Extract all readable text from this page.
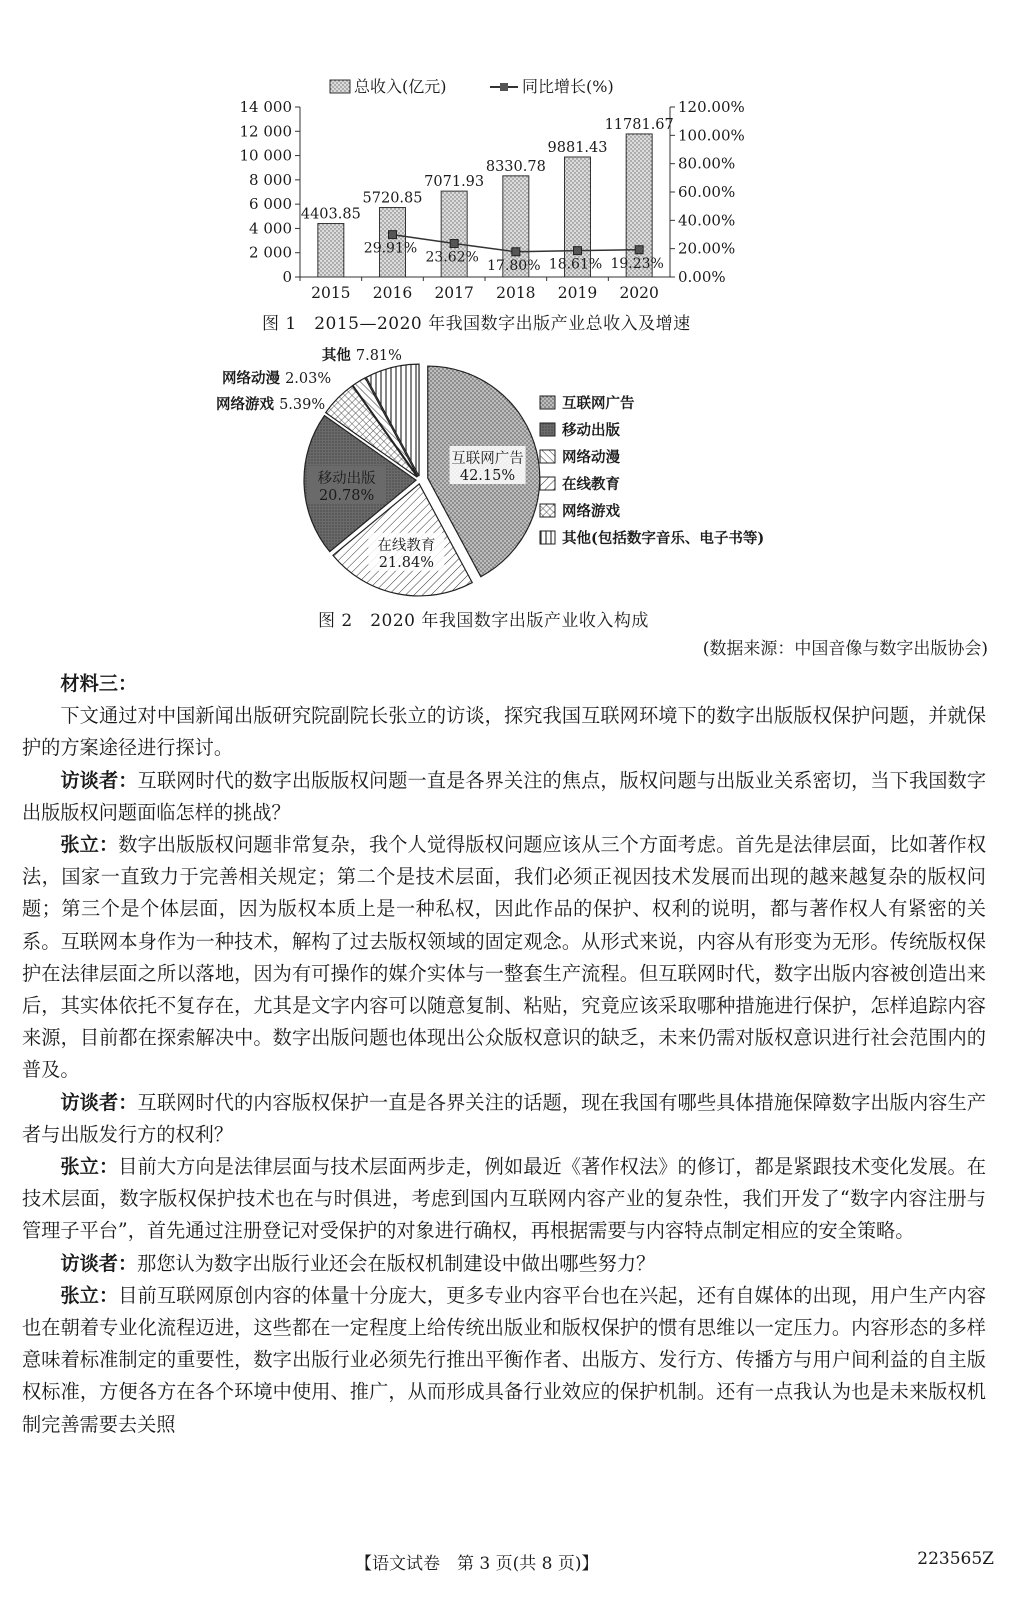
总收入(亿元)	同比增长(%)
0
2 000
4 000
6 000
8 000
10 000
12 000
14 000
0.00%
20.00%
40.00%
60.00%
80.00%
100.00%
120.00%
4403.85
5720.85
7071.93
8330.78
9881.43
11781.67
29.91%
23.62%
17.80% 18.61% 19.23%
2015 2016 2017 2018 2019 2020
图 1　2015—2020 年我国数字出版产业总收入及增速
互联网广告
42.15%
在线教育
21.84%
移动出版
20.78%
网络游戏 5.39%
网络动漫 2.03%
其他 7.81%
互联网广告
移动出版
网络动漫
在线教育
网络游戏
其他(包括数字音乐、电子书等)
图 2　2020 年我国数字出版产业收入构成
(数据来源：中国音像与数字出版协会)

材料三：

下文通过对中国新闻出版研究院副院长张立的访谈，探究我国互联网环境下的数字出版版权保护问题，并就保护的方案途径进行探讨。

访谈者：互联网时代的数字出版版权问题一直是各界关注的焦点，版权问题与出版业关系密切，当下我国数字出版版权问题面临怎样的挑战？

张立：数字出版版权问题非常复杂，我个人觉得版权问题应该从三个方面考虑。首先是法律层面，比如著作权法，国家一直致力于完善相关规定；第二个是技术层面，我们必须正视因技术发展而出现的越来越复杂的版权问题；第三个是个体层面，因为版权本质上是一种私权，因此作品的保护、权利的说明，都与著作权人有紧密的关系。互联网本身作为一种技术，解构了过去版权领域的固定观念。从形式来说，内容从有形变为无形。传统版权保护在法律层面之所以落地，因为有可操作的媒介实体与一整套生产流程。但互联网时代，数字出版内容被创造出来后，其实体依托不复存在，尤其是文字内容可以随意复制、粘贴，究竟应该采取哪种措施进行保护，怎样追踪内容来源，目前都在探索解决中。数字出版问题也体现出公众版权意识的缺乏，未来仍需对版权意识进行社会范围内的普及。

访谈者：互联网时代的内容版权保护一直是各界关注的话题，现在我国有哪些具体措施保障数字出版内容生产者与出版发行方的权利？

张立：目前大方向是法律层面与技术层面两步走，例如最近《著作权法》的修订，都是紧跟技术变化发展。在技术层面，数字版权保护技术也在与时俱进，考虑到国内互联网内容产业的复杂性，我们开发了“数字内容注册与管理子平台”，首先通过注册登记对受保护的对象进行确权，再根据需要与内容特点制定相应的安全策略。

访谈者：那您认为数字出版行业还会在版权机制建设中做出哪些努力？

张立：目前互联网原创内容的体量十分庞大，更多专业内容平台也在兴起，还有自媒体的出现，用户生产内容也在朝着专业化流程迈进，这些都在一定程度上给传统出版业和版权保护的惯有思维以一定压力。内容形态的多样意味着标准制定的重要性，数字出版行业必须先行推出平衡作者、出版方、发行方、传播方与用户间利益的自主版权标准，方便各方在各个环境中使用、推广，从而形成具备行业效应的保护机制。还有一点我认为也是未来版权机制完善需要去关照

【语文试卷　第 3 页(共 8 页)】	223565Z
